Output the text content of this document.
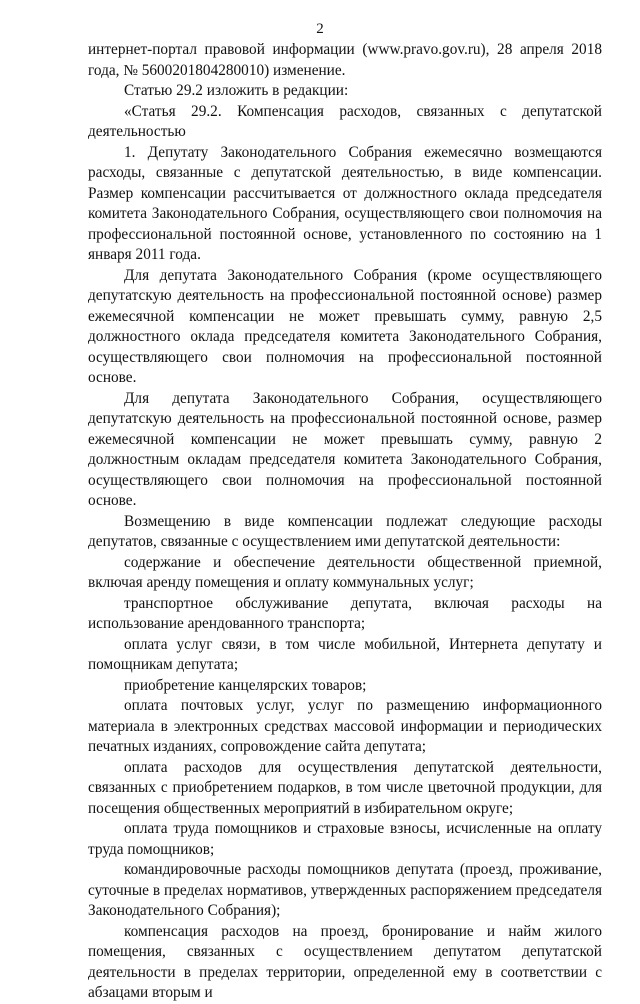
2

интернет-портал правовой информации (www.pravo.gov.ru), 28 апреля 2018 года, № 5600201804280010) изменение.

Статью 29.2 изложить в редакции:

«Статья 29.2. Компенсация расходов, связанных с депутатской деятельностью

1. Депутату Законодательного Собрания ежемесячно возмещаются расходы, связанные с депутатской деятельностью, в виде компенсации. Размер компенсации рассчитывается от должностного оклада председателя комитета Законодательного Собрания, осуществляющего свои полномочия на профессиональной постоянной основе, установленного по состоянию на 1 января 2011 года.

Для депутата Законодательного Собрания (кроме осуществляющего депутатскую деятельность на профессиональной постоянной основе) размер ежемесячной компенсации не может превышать сумму, равную 2,5 должностного оклада председателя комитета Законодательного Собрания, осуществляющего свои полномочия на профессиональной постоянной основе.

Для депутата Законодательного Собрания, осуществляющего депутатскую деятельность на профессиональной постоянной основе, размер ежемесячной компенсации не может превышать сумму, равную 2 должностным окладам председателя комитета Законодательного Собрания, осуществляющего свои полномочия на профессиональной постоянной основе.

Возмещению в виде компенсации подлежат следующие расходы депутатов, связанные с осуществлением ими депутатской деятельности:

содержание и обеспечение деятельности общественной приемной, включая аренду помещения и оплату коммунальных услуг;

транспортное обслуживание депутата, включая расходы на использование арендованного транспорта;

оплата услуг связи, в том числе мобильной, Интернета депутату и помощникам депутата;

приобретение канцелярских товаров;

оплата почтовых услуг, услуг по размещению информационного материала в электронных средствах массовой информации и периодических печатных изданиях, сопровождение сайта депутата;

оплата расходов для осуществления депутатской деятельности, связанных с приобретением подарков, в том числе цветочной продукции, для посещения общественных мероприятий в избирательном округе;

оплата труда помощников и страховые взносы, исчисленные на оплату труда помощников;

командировочные расходы помощников депутата (проезд, проживание, суточные в пределах нормативов, утвержденных распоряжением председателя Законодательного Собрания);

компенсация расходов на проезд, бронирование и найм жилого помещения, связанных с осуществлением депутатом депутатской деятельности в пределах территории, определенной ему в соответствии с абзацами вторым и
